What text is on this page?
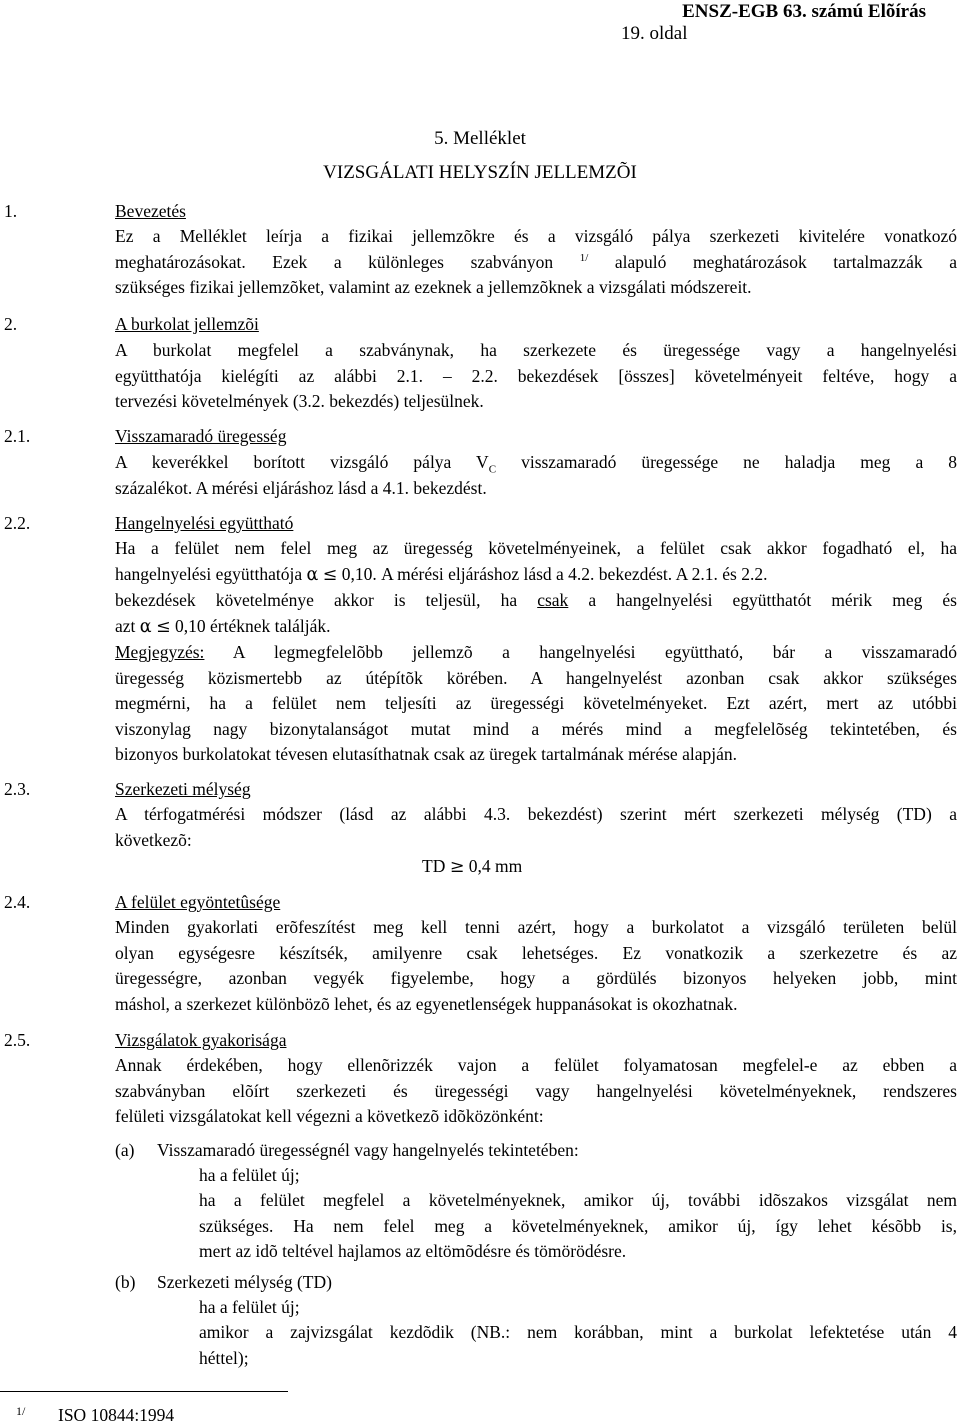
ENSZ-EGB 63. számú Elõírás
19. oldal
5. Melléklet
VIZSGÁLATI HELYSZÍN JELLEMZÕI
1.	Bevezetés
Ez a Melléklet leírja a fizikai jellemzõkre és a vizsgáló pálya szerkezeti kivitelére vonatkozó
meghatározásokat. Ezek a különleges szabványon $^{1/}$ alapuló meghatározások tartalmazzák a
szükséges fizikai jellemzõket, valamint az ezeknek a jellemzõknek a vizsgálati módszereit.
2.	A burkolat jellemzõi
A burkolat megfelel a szabványnak, ha szerkezete és üregessége vagy a hangelnyelési
együtthatója kielégíti az alábbi 2.1. – 2.2. bekezdések [összes] követelményeit feltéve, hogy a
tervezési követelmények (3.2. bekezdés) teljesülnek.
2.1.	Visszamaradó üregesség
A keverékkel borított vizsgáló pálya $V_C$ visszamaradó üregessége ne haladja meg a 8
százalékot. A mérési eljáráshoz lásd a 4.1. bekezdést.
2.2.	Hangelnyelési együttható
Ha a felület nem felel meg az üregesség követelményeinek, a felület csak akkor fogadható el, ha
hangelnyelési együtthatója α ≤ 0,10. A mérési eljáráshoz lásd a 4.2. bekezdést. A 2.1. és 2.2.
bekezdések követelménye akkor is teljesül, ha csak a hangelnyelési együtthatót mérik meg és
azt α ≤ 0,10 értéknek találják.
Megjegyzés: A legmegfelelõbb jellemzõ a hangelnyelési együttható, bár a visszamaradó
üregesség közismertebb az útépítõk körében. A hangelnyelést azonban csak akkor szükséges
megmérni, ha a felület nem teljesíti az üregességi követelményeket. Ezt azért, mert az utóbbi
viszonylag nagy bizonytalanságot mutat mind a mérés mind a megfelelõség tekintetében, és
bizonyos burkolatokat tévesen elutasíthatnak csak az üregek tartalmának mérése alapján.
2.3.	Szerkezeti mélység
A térfogatmérési módszer (lásd az alábbi 4.3. bekezdést) szerint mért szerkezeti mélység (TD) a
következõ:
TD ≥ 0,4 mm
2.4.	A felület egyöntetûsége
Minden gyakorlati erõfeszítést meg kell tenni azért, hogy a burkolatot a vizsgáló területen belül
olyan egységesre készítsék, amilyenre csak lehetséges. Ez vonatkozik a szerkezetre és az
üregességre, azonban vegyék figyelembe, hogy a gördülés bizonyos helyeken jobb, mint
máshol, a szerkezet különbözõ lehet, és az egyenetlenségek huppanásokat is okozhatnak.
2.5.	Vizsgálatok gyakorisága
Annak érdekében, hogy ellenõrizzék vajon a felület folyamatosan megfelel-e az ebben a
szabványban elõírt szerkezeti és üregességi vagy hangelnyelési követelményeknek, rendszeres
felületi vizsgálatokat kell végezni a következõ idõközönként:
(a) Visszamaradó üregességnél vagy hangelnyelés tekintetében:
ha a felület új;
ha a felület megfelel a követelményeknek, amikor új, további idõszakos vizsgálat nem
szükséges. Ha nem felel meg a követelményeknek, amikor új, így lehet késõbb is,
mert az idõ teltével hajlamos az eltömõdésre és tömörödésre.
(b) Szerkezeti mélység (TD)
ha a felület új;
amikor a zajvizsgálat kezdõdik (NB.: nem korábban, mint a burkolat lefektetése után 4
héttel);
1/ ISO 10844:1994
